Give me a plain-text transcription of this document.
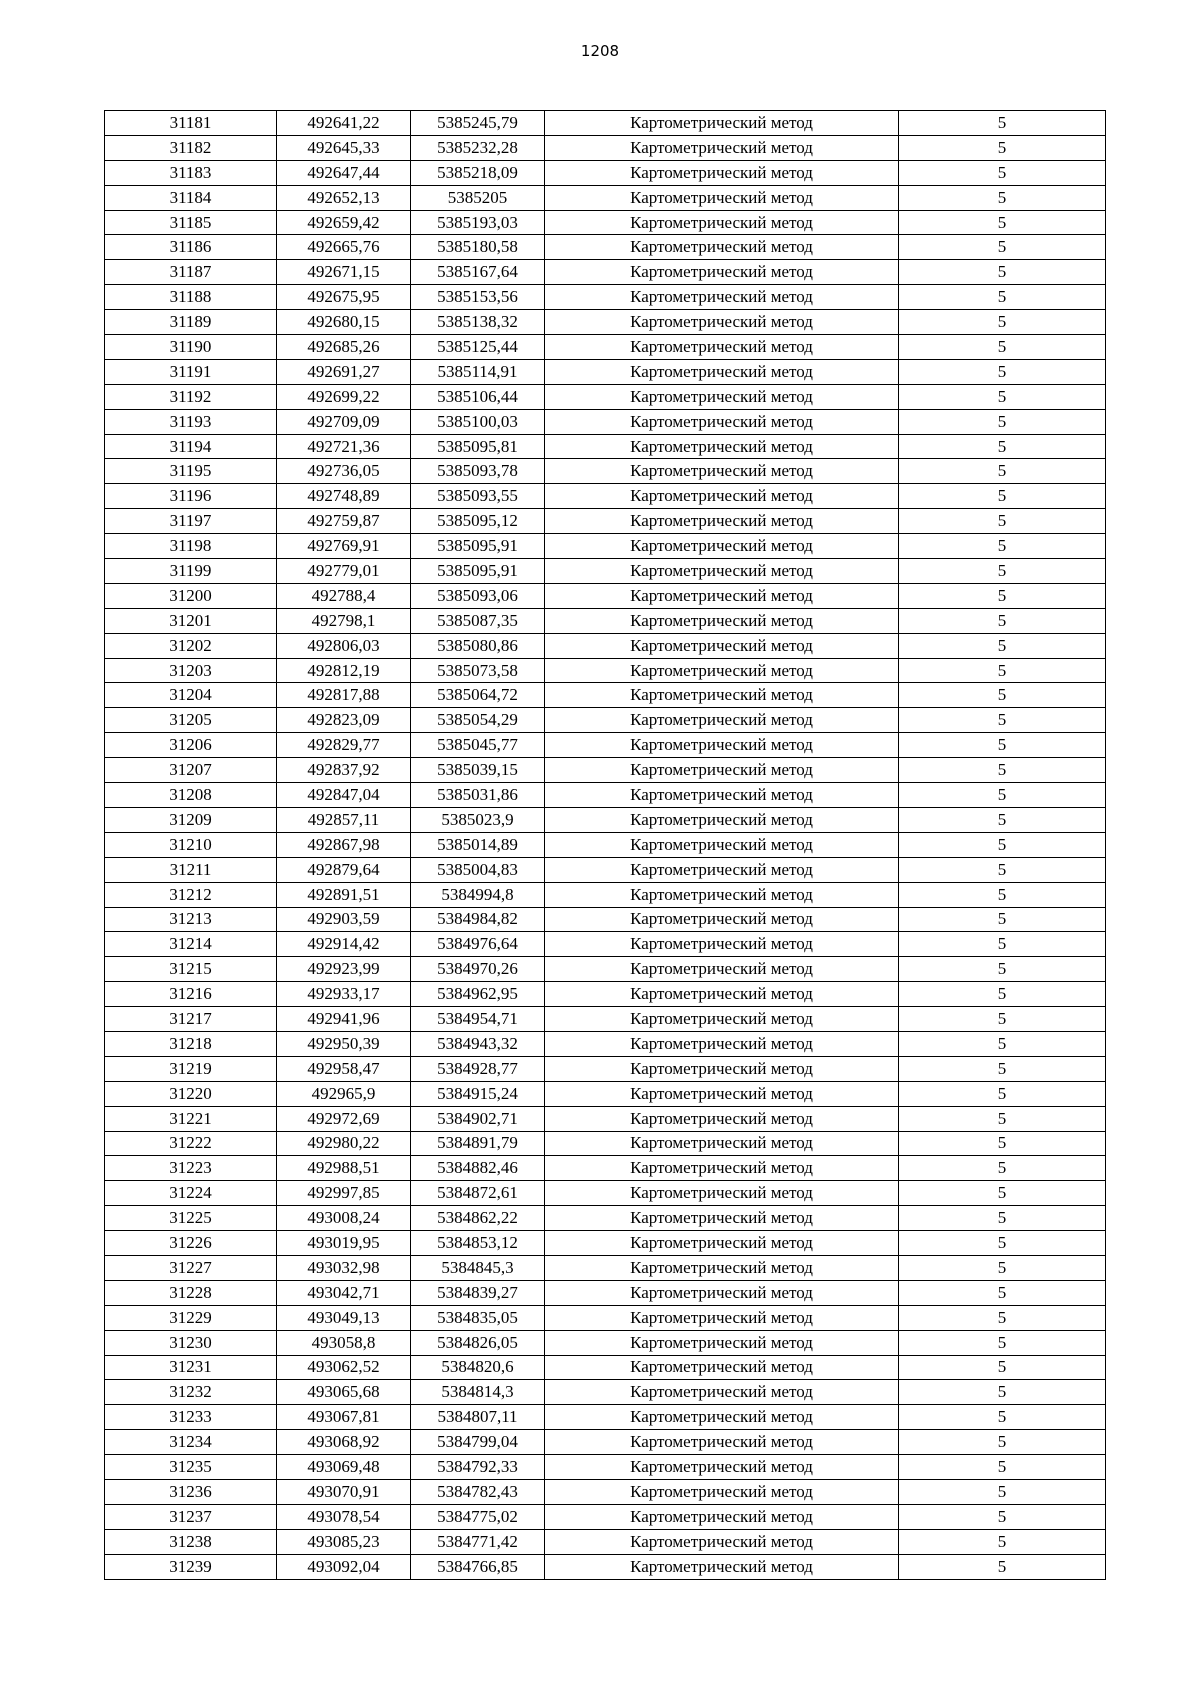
1208
31181	492641,22	5385245,79	Картометрический метод	5
31182	492645,33	5385232,28	Картометрический метод	5
31183	492647,44	5385218,09	Картометрический метод	5
31184	492652,13	5385205	Картометрический метод	5
31185	492659,42	5385193,03	Картометрический метод	5
31186	492665,76	5385180,58	Картометрический метод	5
31187	492671,15	5385167,64	Картометрический метод	5
31188	492675,95	5385153,56	Картометрический метод	5
31189	492680,15	5385138,32	Картометрический метод	5
31190	492685,26	5385125,44	Картометрический метод	5
31191	492691,27	5385114,91	Картометрический метод	5
31192	492699,22	5385106,44	Картометрический метод	5
31193	492709,09	5385100,03	Картометрический метод	5
31194	492721,36	5385095,81	Картометрический метод	5
31195	492736,05	5385093,78	Картометрический метод	5
31196	492748,89	5385093,55	Картометрический метод	5
31197	492759,87	5385095,12	Картометрический метод	5
31198	492769,91	5385095,91	Картометрический метод	5
31199	492779,01	5385095,91	Картометрический метод	5
31200	492788,4	5385093,06	Картометрический метод	5
31201	492798,1	5385087,35	Картометрический метод	5
31202	492806,03	5385080,86	Картометрический метод	5
31203	492812,19	5385073,58	Картометрический метод	5
31204	492817,88	5385064,72	Картометрический метод	5
31205	492823,09	5385054,29	Картометрический метод	5
31206	492829,77	5385045,77	Картометрический метод	5
31207	492837,92	5385039,15	Картометрический метод	5
31208	492847,04	5385031,86	Картометрический метод	5
31209	492857,11	5385023,9	Картометрический метод	5
31210	492867,98	5385014,89	Картометрический метод	5
31211	492879,64	5385004,83	Картометрический метод	5
31212	492891,51	5384994,8	Картометрический метод	5
31213	492903,59	5384984,82	Картометрический метод	5
31214	492914,42	5384976,64	Картометрический метод	5
31215	492923,99	5384970,26	Картометрический метод	5
31216	492933,17	5384962,95	Картометрический метод	5
31217	492941,96	5384954,71	Картометрический метод	5
31218	492950,39	5384943,32	Картометрический метод	5
31219	492958,47	5384928,77	Картометрический метод	5
31220	492965,9	5384915,24	Картометрический метод	5
31221	492972,69	5384902,71	Картометрический метод	5
31222	492980,22	5384891,79	Картометрический метод	5
31223	492988,51	5384882,46	Картометрический метод	5
31224	492997,85	5384872,61	Картометрический метод	5
31225	493008,24	5384862,22	Картометрический метод	5
31226	493019,95	5384853,12	Картометрический метод	5
31227	493032,98	5384845,3	Картометрический метод	5
31228	493042,71	5384839,27	Картометрический метод	5
31229	493049,13	5384835,05	Картометрический метод	5
31230	493058,8	5384826,05	Картометрический метод	5
31231	493062,52	5384820,6	Картометрический метод	5
31232	493065,68	5384814,3	Картометрический метод	5
31233	493067,81	5384807,11	Картометрический метод	5
31234	493068,92	5384799,04	Картометрический метод	5
31235	493069,48	5384792,33	Картометрический метод	5
31236	493070,91	5384782,43	Картометрический метод	5
31237	493078,54	5384775,02	Картометрический метод	5
31238	493085,23	5384771,42	Картометрический метод	5
31239	493092,04	5384766,85	Картометрический метод	5
